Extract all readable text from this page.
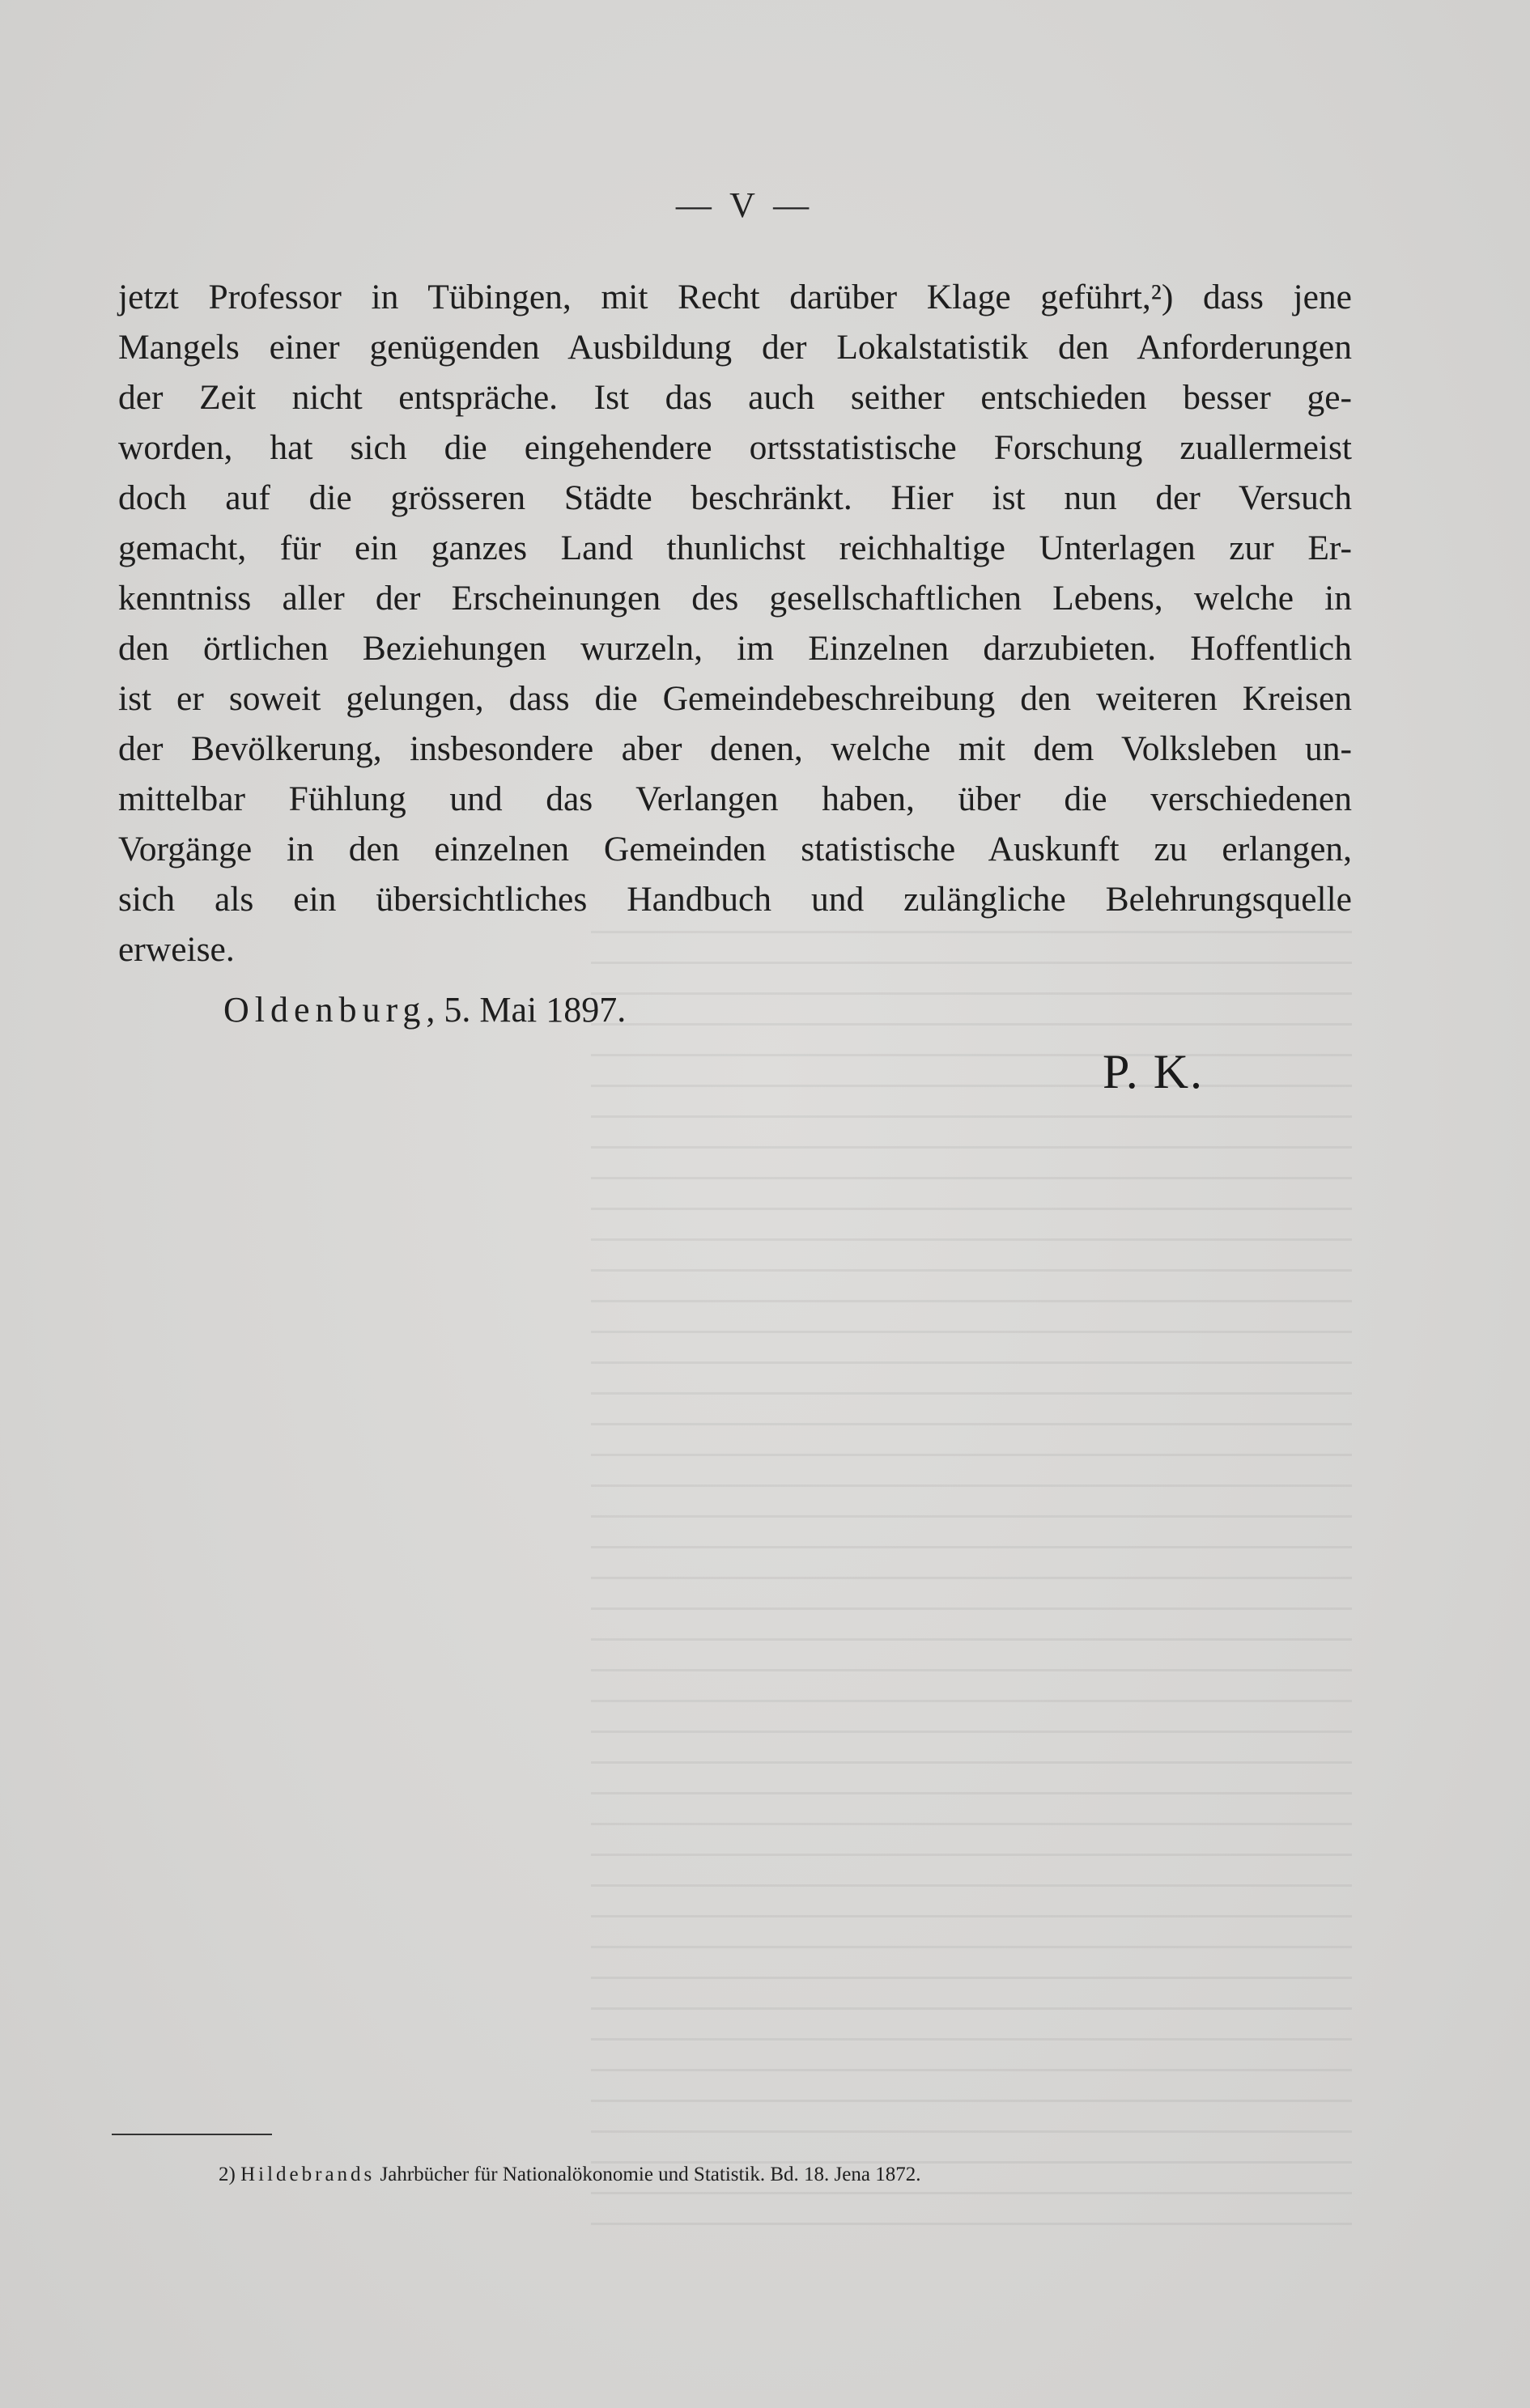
— V —
jetzt Professor in Tübingen, mit Recht darüber Klage geführt,²) dass jene
Mangels einer genügenden Ausbildung der Lokalstatistik den Anforderungen
der Zeit nicht entspräche. Ist das auch seither entschieden besser ge-
worden, hat sich die eingehendere ortsstatistische Forschung zuallermeist
doch auf die grösseren Städte beschränkt. Hier ist nun der Versuch
gemacht, für ein ganzes Land thunlichst reichhaltige Unterlagen zur Er-
kenntniss aller der Erscheinungen des gesellschaftlichen Lebens, welche in
den örtlichen Beziehungen wurzeln, im Einzelnen darzubieten. Hoffentlich
ist er soweit gelungen, dass die Gemeindebeschreibung den weiteren Kreisen
der Bevölkerung, insbesondere aber denen, welche mit dem Volksleben un-
mittelbar Fühlung und das Verlangen haben, über die verschiedenen
Vorgänge in den einzelnen Gemeinden statistische Auskunft zu erlangen,
sich als ein übersichtliches Handbuch und zulängliche Belehrungsquelle
erweise.
Oldenburg, 5. Mai 1897.
P. K.
2) Hildebrands Jahrbücher für Nationalökonomie und Statistik. Bd. 18. Jena 1872.
